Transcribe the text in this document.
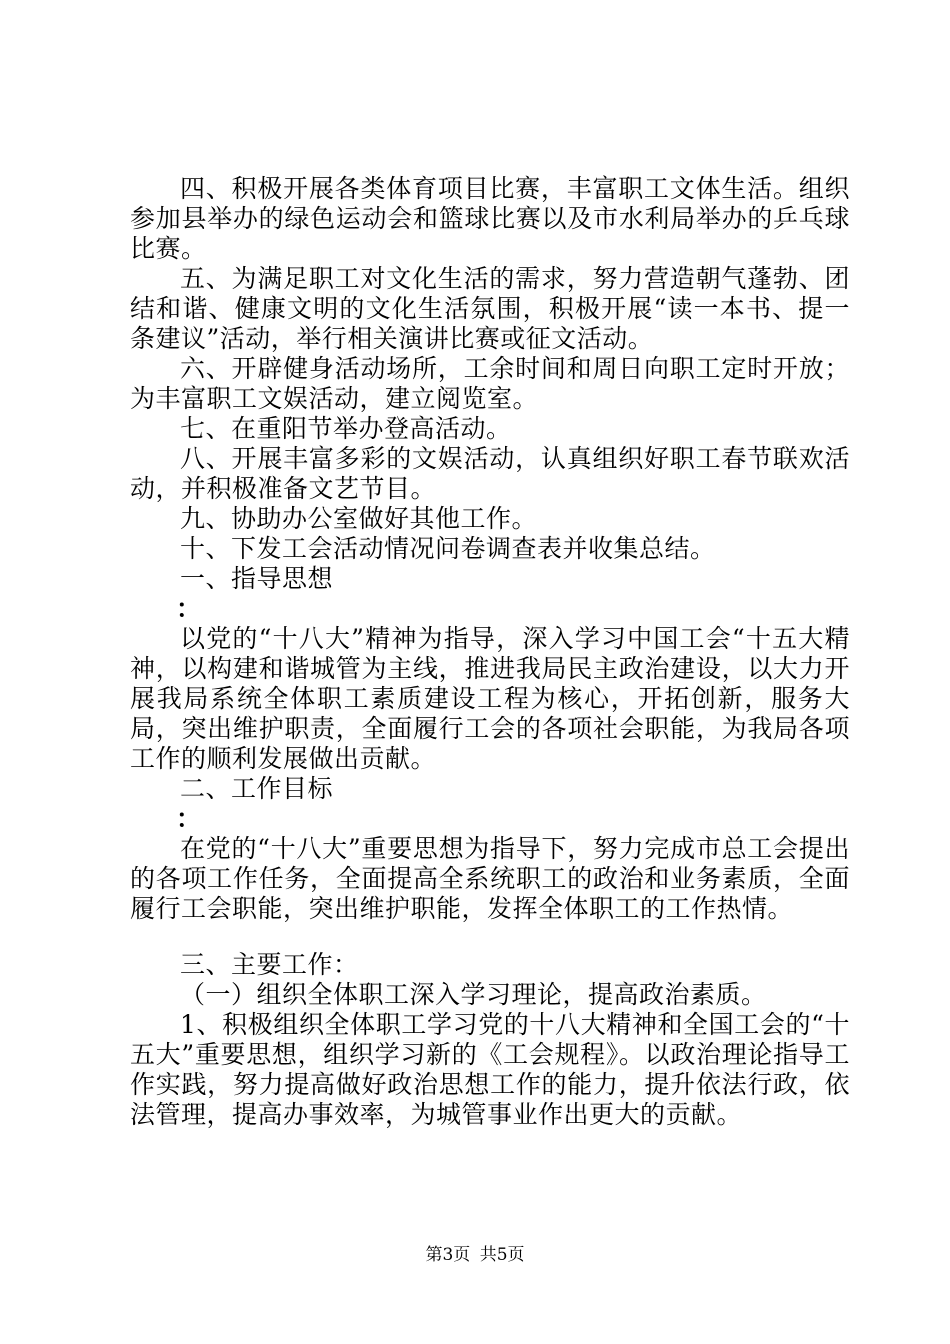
四、积极开展各类体育项目比赛，丰富职工文体生活。组织参加县举办的绿色运动会和篮球比赛以及市水利局举办的乒乓球比赛。

五、为满足职工对文化生活的需求，努力营造朝气蓬勃、团结和谐、健康文明的文化生活氛围，积极开展“读一本书、提一条建议”活动，举行相关演讲比赛或征文活动。

六、开辟健身活动场所，工余时间和周日向职工定时开放；为丰富职工文娱活动，建立阅览室。

七、在重阳节举办登高活动。

八、开展丰富多彩的文娱活动，认真组织好职工春节联欢活动，并积极准备文艺节目。

九、协助办公室做好其他工作。

十、下发工会活动情况问卷调查表并收集总结。

一、指导思想

：

以党的“十八大”精神为指导，深入学习中国工会“十五大精神，以构建和谐城管为主线，推进我局民主政治建设，以大力开展我局系统全体职工素质建设工程为核心，开拓创新，服务大局，突出维护职责，全面履行工会的各项社会职能，为我局各项工作的顺利发展做出贡献。

二、工作目标

：

在党的“十八大”重要思想为指导下，努力完成市总工会提出的各项工作任务，全面提高全系统职工的政治和业务素质，全面履行工会职能，突出维护职能，发挥全体职工的工作热情。

三、主要工作：

（一）组织全体职工深入学习理论，提高政治素质。

1、积极组织全体职工学习党的十八大精神和全国工会的“十五大”重要思想，组织学习新的《工会规程》。以政治理论指导工作实践，努力提高做好政治思想工作的能力，提升依法行政，依法管理，提高办事效率，为城管事业作出更大的贡献。

第3页 共5页
